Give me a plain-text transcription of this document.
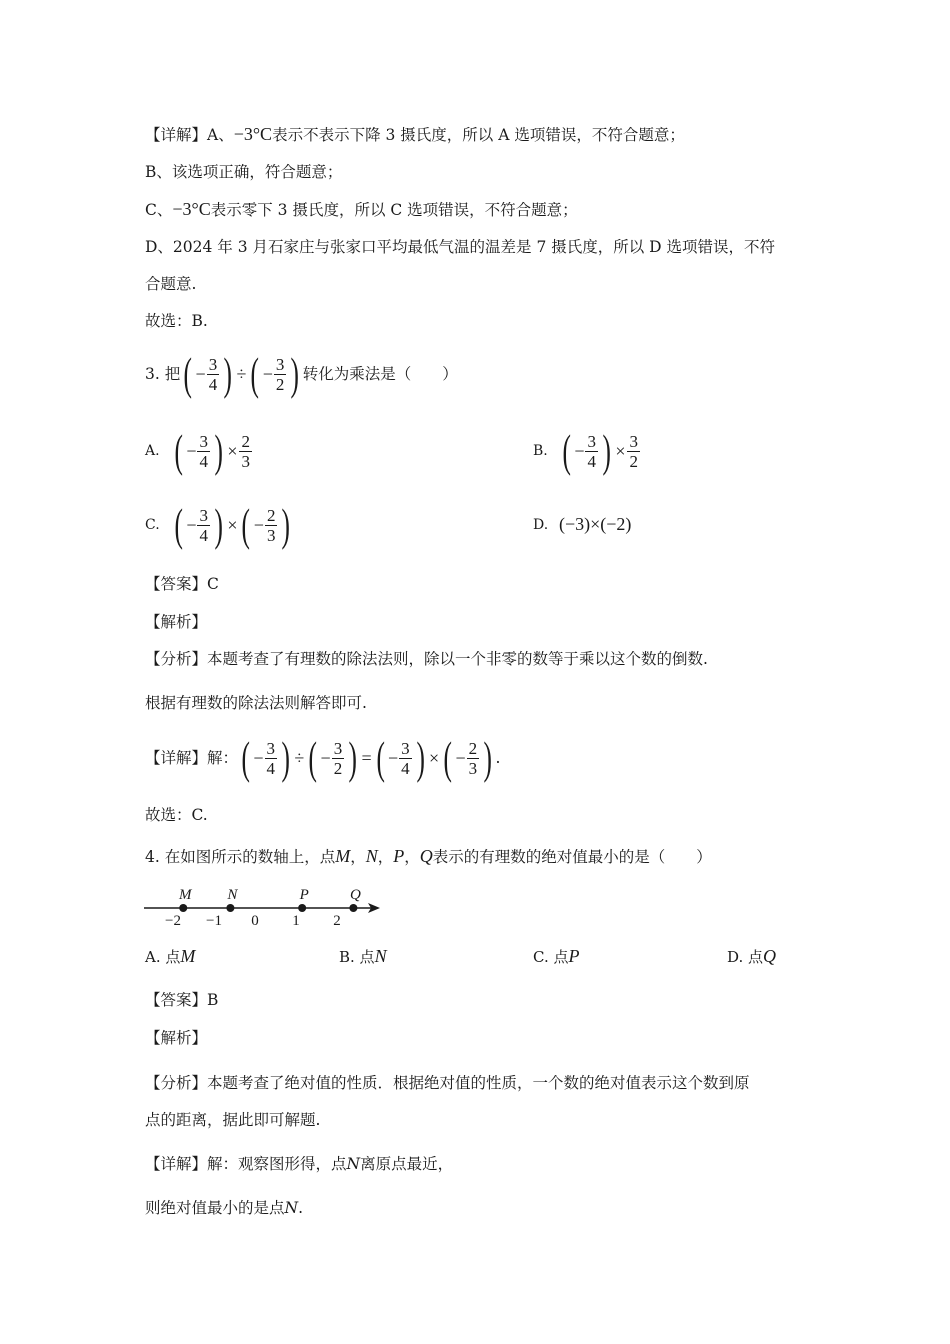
【详解】A、−3°C表示不表示下降 3 摄氏度，所以 A 选项错误，不符合题意；
B、该选项正确，符合题意；
C、−3°C表示零下 3 摄氏度，所以 C 选项错误，不符合题意；
D、2024 年 3 月石家庄与张家口平均最低气温的温差是 7 摄氏度，所以 D 选项错误，不符
合题意.
故选：B.
3. 把 ( − $\frac{3}{4}$ ) ÷ ( − $\frac{3}{2}$ ) 转化为乘法是（　　）
A. ( − $\frac{3}{4}$ ) × $\frac{2}{3}$	B. ( − $\frac{3}{4}$ ) × $\frac{3}{2}$
C. ( − $\frac{3}{4}$ ) × ( − $\frac{2}{3}$ )	D. (−3)×(−2)
【答案】C
【解析】
【分析】本题考查了有理数的除法法则，除以一个非零的数等于乘以这个数的倒数.
根据有理数的除法法则解答即可.
【详解】解： ( − $\frac{3}{4}$ ) ÷ ( − $\frac{3}{2}$ ) = ( − $\frac{3}{4}$ ) × ( − $\frac{2}{3}$ ) .
故选：C.
4. 在如图所示的数轴上，点M，N，P，Q表示的有理数的绝对值最小的是（　　）
−2 −1 0 1 2
M N	P	Q
A. 点M	B. 点N	C. 点P	D. 点Q
【答案】B
【解析】
【分析】本题考查了绝对值的性质．根据绝对值的性质，一个数的绝对值表示这个数到原
点的距离，据此即可解题.
【详解】解：观察图形得，点N离原点最近，
则绝对值最小的是点N.
